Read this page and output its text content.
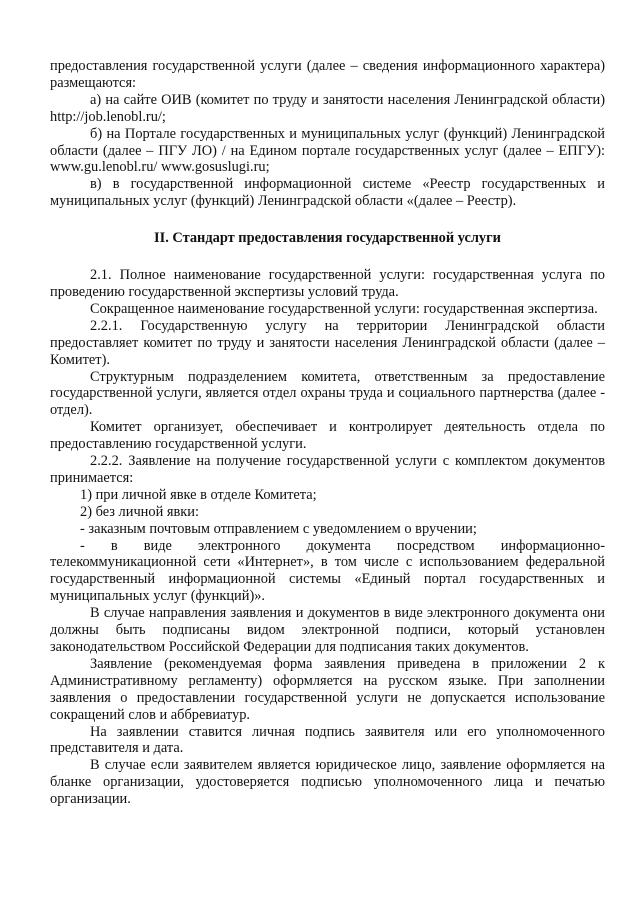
предоставления государственной услуги (далее – сведения информационного характера) размещаются:

а) на сайте ОИВ (комитет по труду и занятости населения Ленинградской области) http://job.lenobl.ru/;

б) на Портале государственных и муниципальных услуг (функций) Ленинградской области (далее – ПГУ ЛО) / на Едином портале государственных услуг (далее – ЕПГУ): www.gu.lenobl.ru/ www.gosuslugi.ru;

в) в государственной информационной системе «Реестр государственных и муниципальных услуг (функций) Ленинградской области «(далее – Реестр).

II. Стандарт предоставления государственной услуги

2.1. Полное наименование государственной услуги: государственная услуга по проведению государственной экспертизы условий труда.

Сокращенное наименование государственной услуги: государственная экспертиза.

2.2.1. Государственную услугу на территории Ленинградской области предоставляет комитет по труду и занятости населения Ленинградской области (далее – Комитет).

Структурным подразделением комитета, ответственным за предоставление государственной услуги, является отдел охраны труда и социального партнерства (далее - отдел).

Комитет организует, обеспечивает и контролирует деятельность отдела по предоставлению государственной услуги.

2.2.2. Заявление на получение государственной услуги с комплектом документов принимается:

1) при личной явке в отделе Комитета;

2) без личной явки:

- заказным почтовым отправлением с уведомлением о вручении;

- в виде электронного документа посредством информационно-телекоммуникационной сети «Интернет», в том числе с использованием федеральной государственный информационной системы «Единый портал государственных и муниципальных услуг (функций)».

В случае направления заявления и документов в виде электронного документа они должны быть подписаны видом электронной подписи, который установлен законодательством Российской Федерации для подписания таких документов.

Заявление (рекомендуемая форма заявления приведена в приложении 2 к Административному регламенту) оформляется на русском языке. При заполнении заявления о предоставлении государственной услуги не допускается использование сокращений слов и аббревиатур.

На заявлении ставится личная подпись заявителя или его уполномоченного представителя и дата.

В случае если заявителем является юридическое лицо, заявление оформляется на бланке организации, удостоверяется подписью уполномоченного лица и печатью организации.
